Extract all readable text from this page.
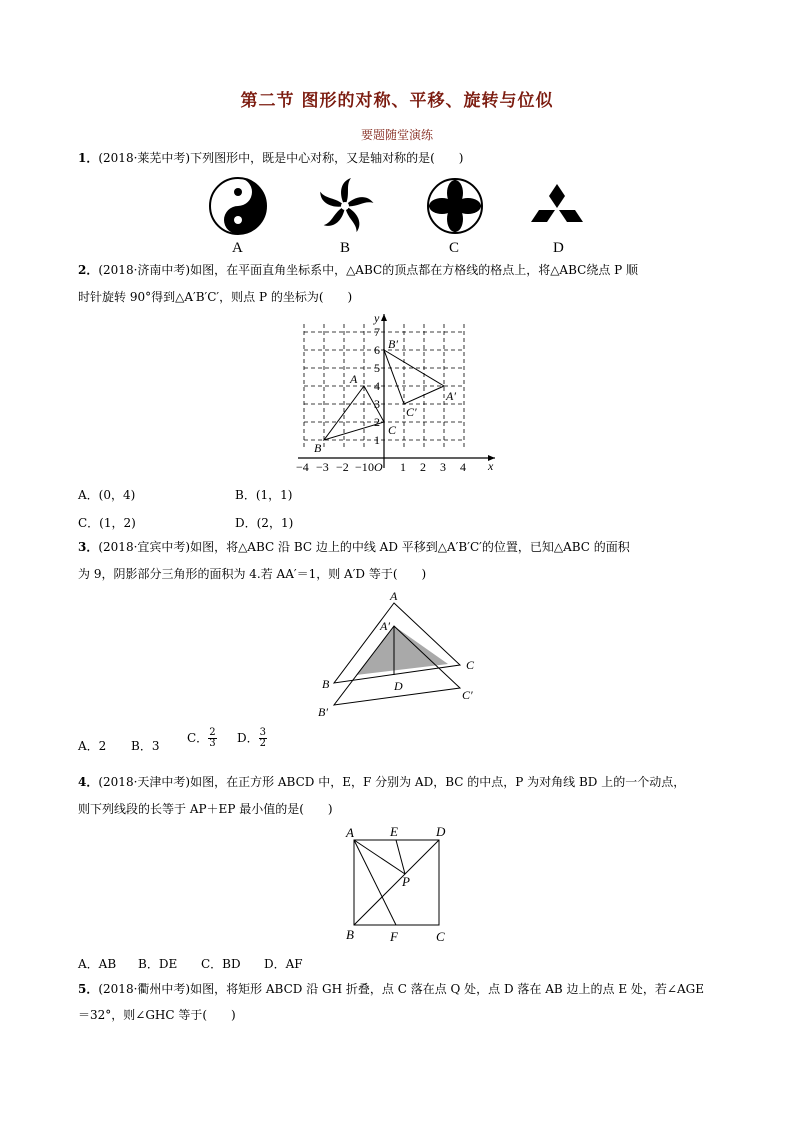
第二节 图形的对称、平移、旋转与位似
要题随堂演练
1．(2018·莱芜中考)下列图形中，既是中心对称，又是轴对称的是(　　)
A	B	C	D
2．(2018·济南中考)如图，在平面直角坐标系中，△ABC的顶点都在方格线的格点上，将△ABC绕点 P 顺
时针旋转 90°得到△A′B′C′，则点 P 的坐标为(　　)
−4 −3 −2 −1 0 1 2 3 4
1
2
3
4
5
6
7
x
y
O
A
B
C
A′
B′
C′
A．(0，4)	B．(1，1)
C．(1，2)	D．(2，1)
3．(2018·宜宾中考)如图，将△ABC 沿 BC 边上的中线 AD 平移到△A′B′C′的位置，已知△ABC 的面积
为 9，阴影部分三角形的面积为 4.若 AA′＝1，则 A′D 等于(　　)
A
A′
B
C
D
B′
C′
A．2 B．3
C． $\frac{2}{3}$ D． $\frac{3}{2}$
4．(2018·天津中考)如图，在正方形 ABCD 中，E，F 分别为 AD，BC 的中点，P 为对角线 BD 上的一个动点，
则下列线段的长等于 AP＋EP 最小值的是(　　)
A	E	D
P
B	F	C
A．AB B．DE C．BD D．AF
5．(2018·衢州中考)如图，将矩形 ABCD 沿 GH 折叠，点 C 落在点 Q 处，点 D 落在 AB 边上的点 E 处，若∠AGE
＝32°，则∠GHC 等于(　　)
